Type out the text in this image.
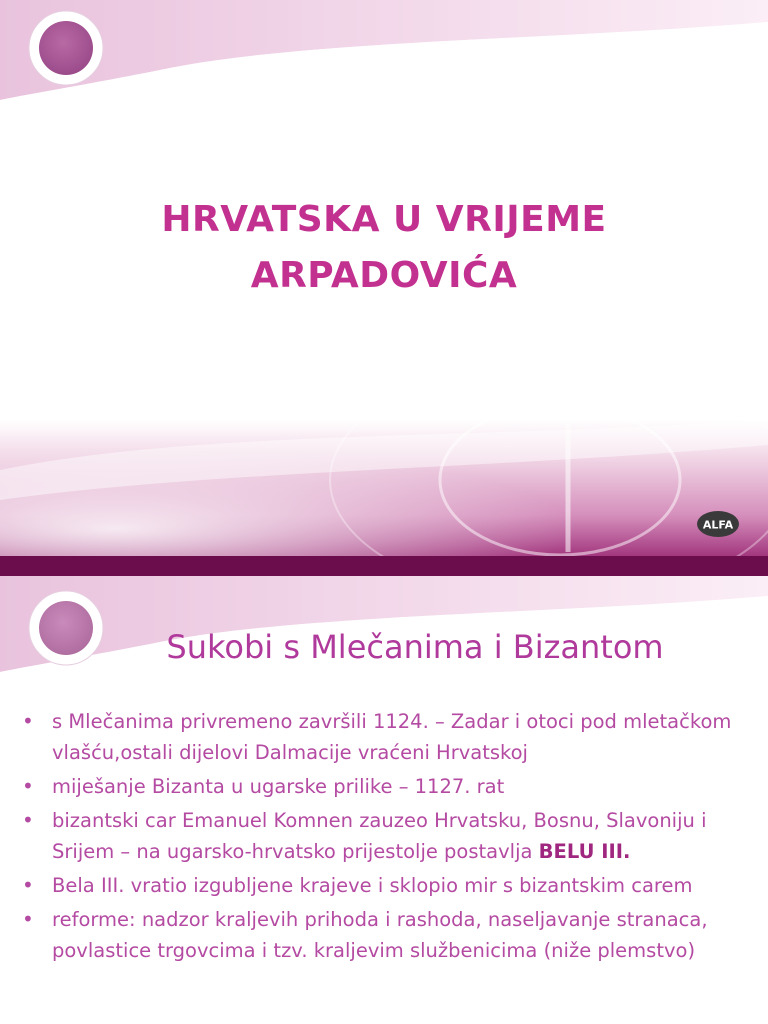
HRVATSKA U VRIJEME
ARPADOVIĆA
ALFA
Sukobi s Mlečanima i Bizantom
• s Mlečanima privremeno završili 1124. – Zadar i otoci pod mletačkom vlašću,ostali dijelovi Dalmacije vraćeni Hrvatskoj
• miješanje Bizanta u ugarske prilike – 1127. rat
• bizantski car Emanuel Komnen zauzeo Hrvatsku, Bosnu, Slavoniju i Srijem – na ugarsko-hrvatsko prijestolje postavlja BELU III.
• Bela III. vratio izgubljene krajeve i sklopio mir s bizantskim carem
• reforme: nadzor kraljevih prihoda i rashoda, naseljavanje stranaca, povlastice trgovcima i tzv. kraljevim službenicima (niže plemstvo)
